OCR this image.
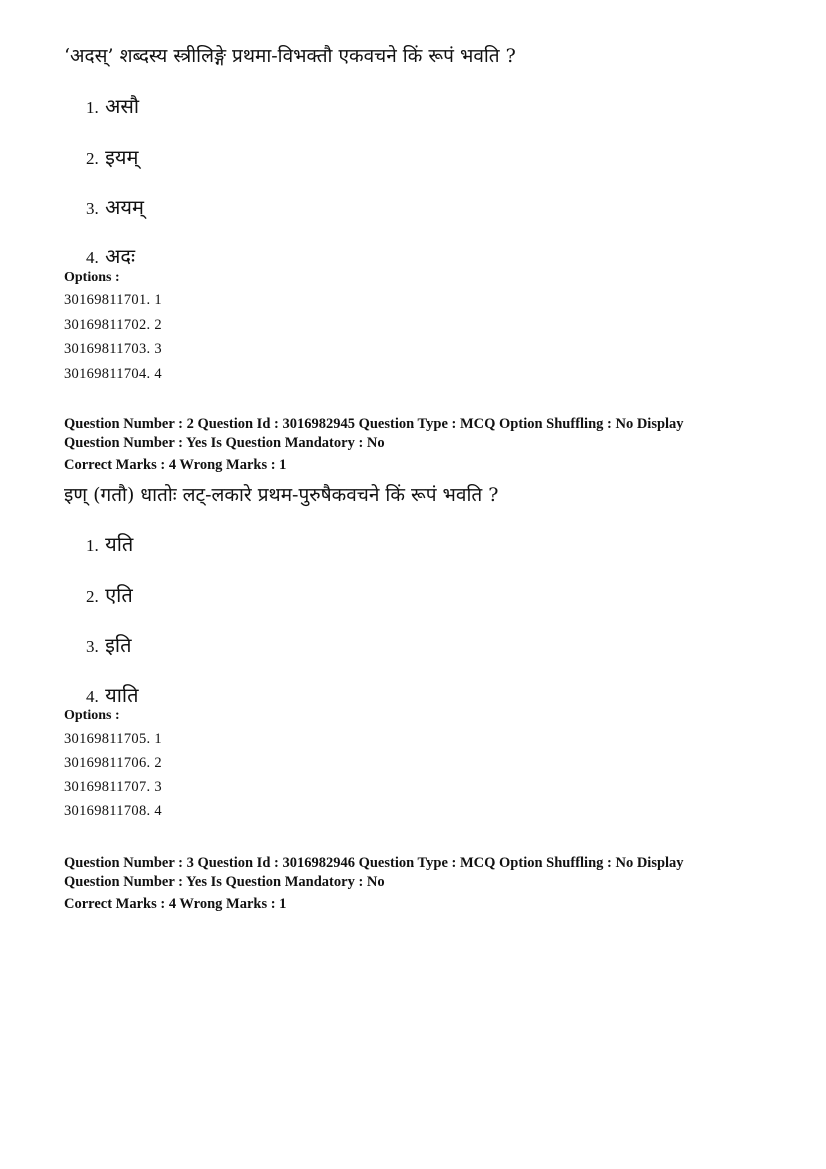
‘अदस्’ शब्दस्य स्त्रीलिङ्गे प्रथमा-विभक्तौ एकवचने किं रूपं भवति ?
1. असौ
2. इयम्
3. अयम्
4. अदः
Options :
30169811701. 1
30169811702. 2
30169811703. 3
30169811704. 4
Question Number : 2 Question Id : 3016982945 Question Type : MCQ Option Shuffling : No Display
Question Number : Yes Is Question Mandatory : No
Correct Marks : 4 Wrong Marks : 1
इण् (गतौ) धातोः लट्-लकारे प्रथम-पुरुषैकवचने किं रूपं भवति ?
1. यति
2. एति
3. इति
4. याति
Options :
30169811705. 1
30169811706. 2
30169811707. 3
30169811708. 4
Question Number : 3 Question Id : 3016982946 Question Type : MCQ Option Shuffling : No Display
Question Number : Yes Is Question Mandatory : No
Correct Marks : 4 Wrong Marks : 1
